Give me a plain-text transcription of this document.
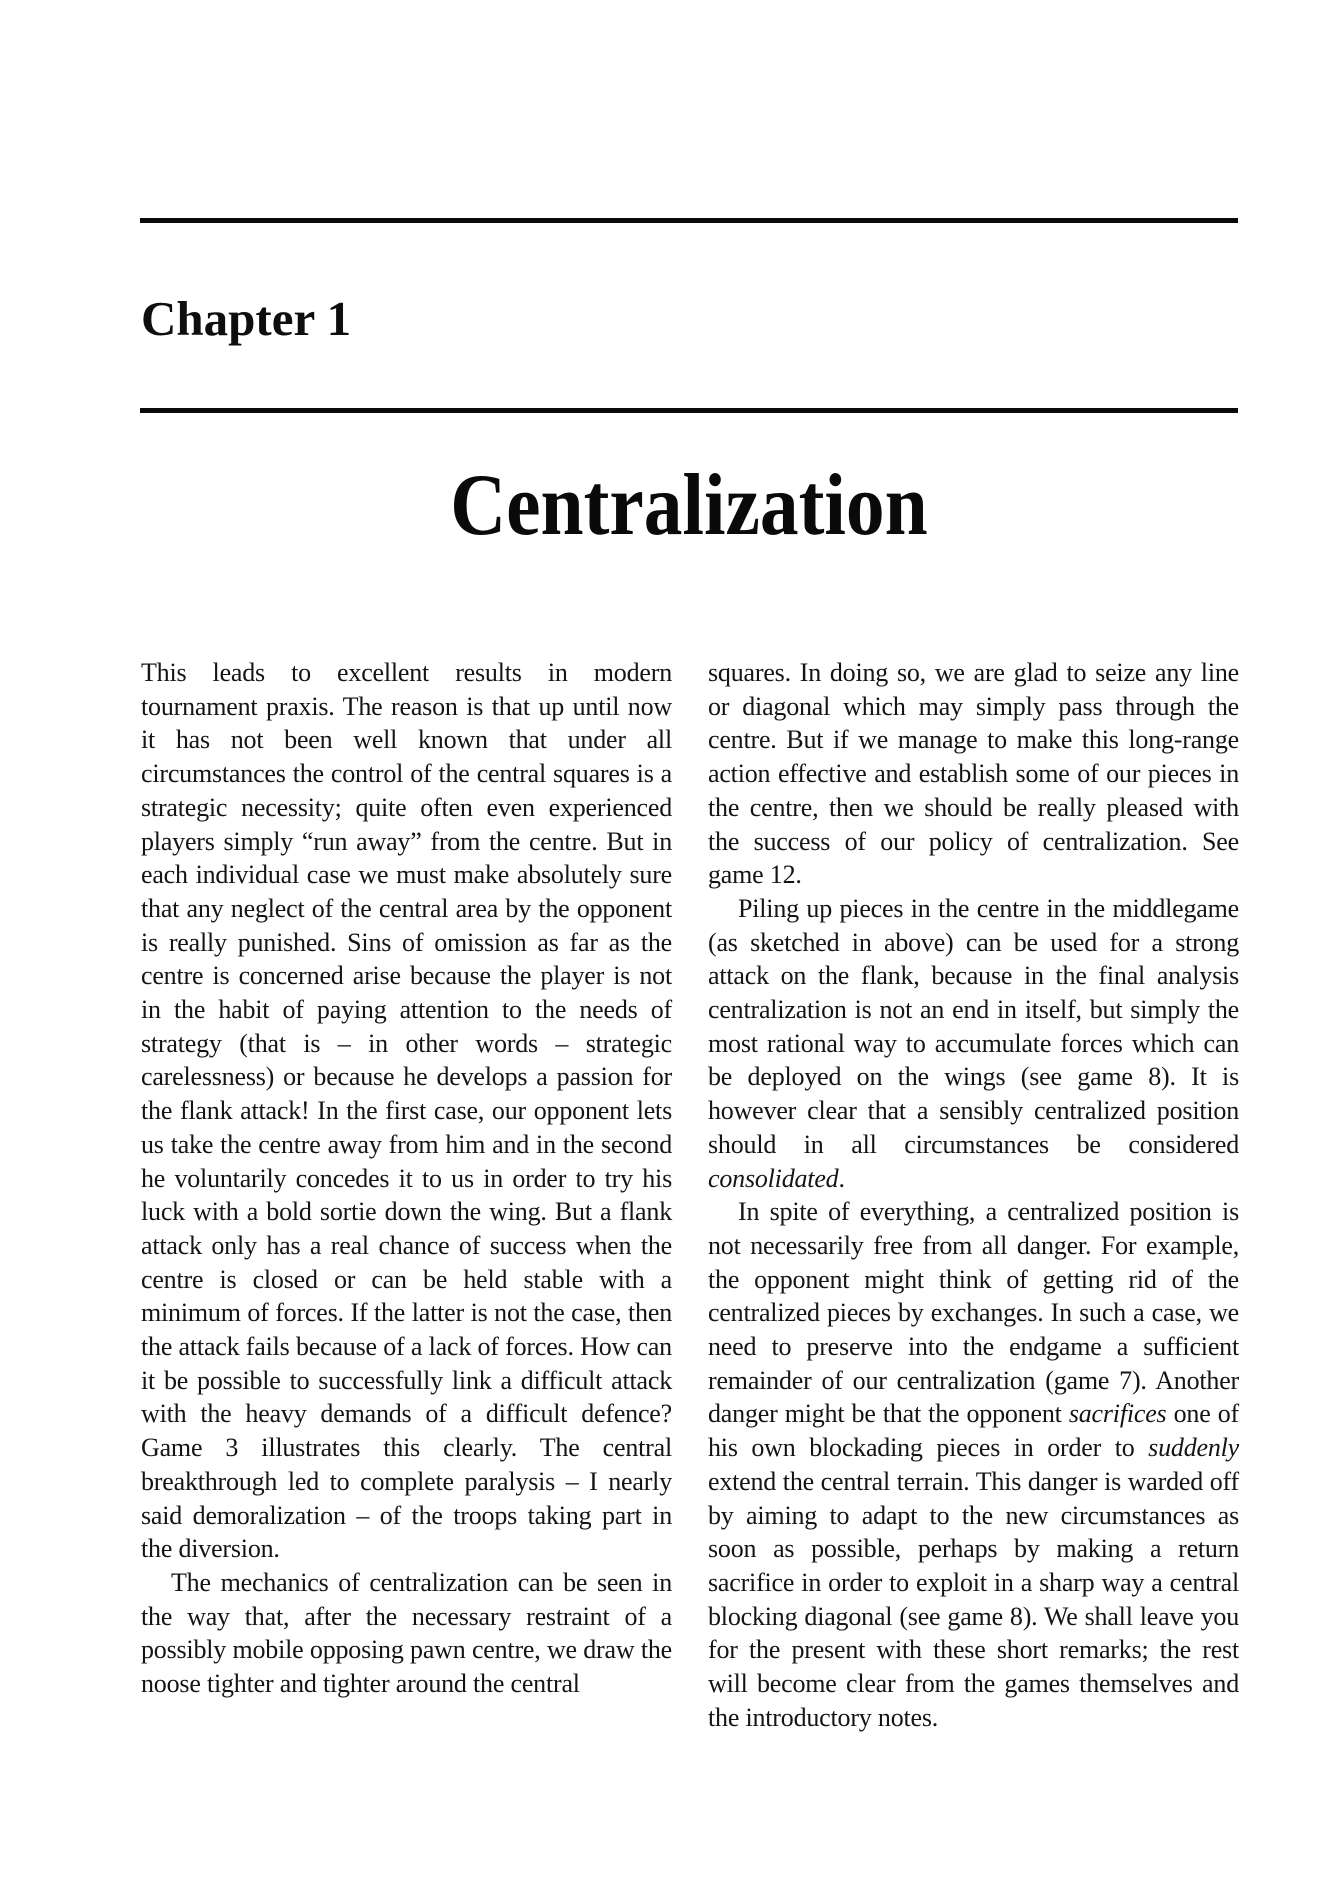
Chapter 1
Centralization

This leads to excellent results in modern tournament praxis. The reason is that up until now it has not been well known that under all circumstances the control of the central squares is a strategic necessity; quite often even experienced players simply “run away” from the centre. But in each individual case we must make absolutely sure that any neglect of the central area by the opponent is really punished. Sins of omission as far as the centre is concerned arise because the player is not in the habit of paying attention to the needs of strategy (that is – in other words – strategic carelessness) or because he develops a passion for the flank attack! In the first case, our opponent lets us take the centre away from him and in the second he voluntarily concedes it to us in order to try his luck with a bold sortie down the wing. But a flank attack only has a real chance of success when the centre is closed or can be held stable with a minimum of forces. If the latter is not the case, then the attack fails because of a lack of forces. How can it be possible to successfully link a difficult attack with the heavy demands of a difficult defence? Game 3 illustrates this clearly. The central breakthrough led to complete paralysis – I nearly said demoralization – of the troops taking part in the diversion.

The mechanics of centralization can be seen in the way that, after the necessary restraint of a possibly mobile opposing pawn centre, we draw the noose tighter and tighter around the central

squares. In doing so, we are glad to seize any line or diagonal which may simply pass through the centre. But if we manage to make this long-range action effective and establish some of our pieces in the centre, then we should be really pleased with the success of our policy of centralization. See game 12.

Piling up pieces in the centre in the middlegame (as sketched in above) can be used for a strong attack on the flank, because in the final analysis centralization is not an end in itself, but simply the most rational way to accumulate forces which can be deployed on the wings (see game 8). It is however clear that a sensibly centralized position should in all circumstances be considered consolidated.

In spite of everything, a centralized position is not necessarily free from all danger. For example, the opponent might think of getting rid of the centralized pieces by exchanges. In such a case, we need to preserve into the endgame a sufficient remainder of our centralization (game 7). Another danger might be that the opponent sacrifices one of his own blockading pieces in order to suddenly extend the central terrain. This danger is warded off by aiming to adapt to the new circumstances as soon as possible, perhaps by making a return sacrifice in order to exploit in a sharp way a central blocking diagonal (see game 8). We shall leave you for the present with these short remarks; the rest will become clear from the games themselves and the introductory notes.
